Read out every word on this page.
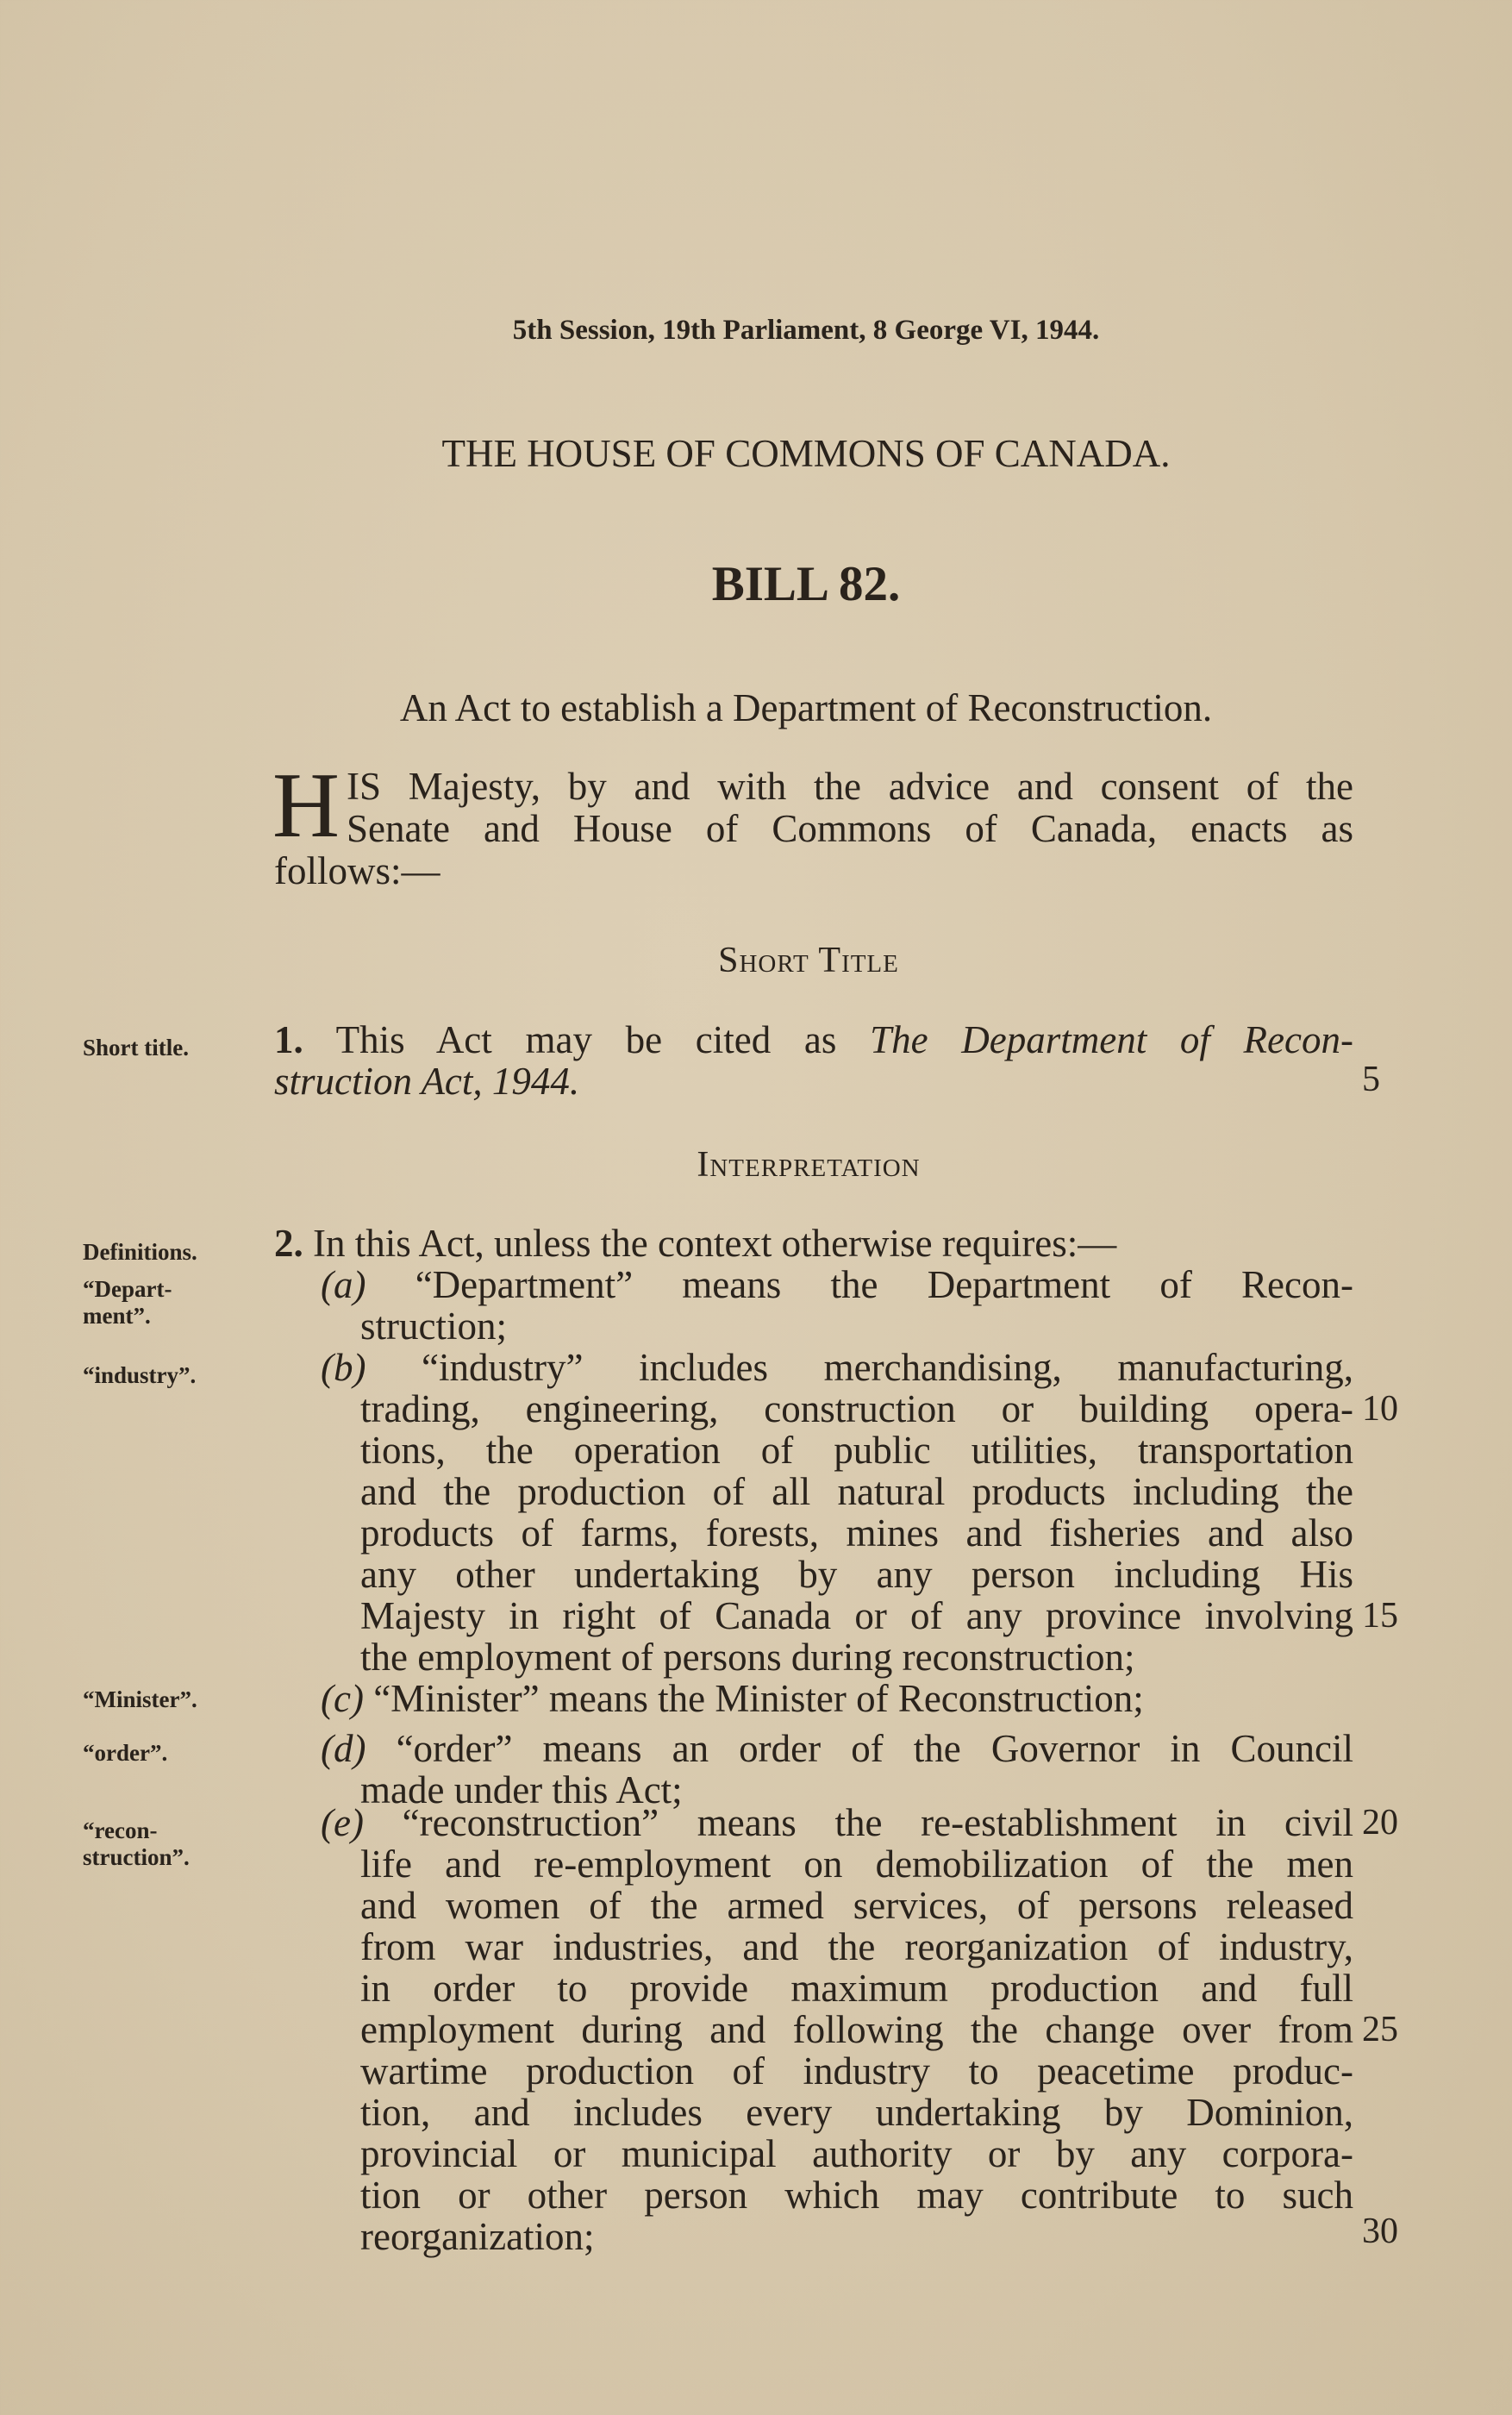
5th Session, 19th Parliament, 8 George VI, 1944.
THE HOUSE OF COMMONS OF CANADA.
BILL 82.
An Act to establish a Department of Reconstruction.
H IS Majesty, by and with the advice and consent of the
Senate and House of Commons of Canada, enacts as
follows:—
Short Title
Short title.	1. This Act may be cited as The Department of Recon-
struction Act, 1944.	5
Interpretation
Definitions.
“Depart-
ment”.
“industry”.
“Minister”.
“order”.
“recon-
struction”.
2. In this Act, unless the context otherwise requires:—
(a) “Department” means the Department of Recon-
struction;
(b) “industry” includes merchandising, manufacturing,
trading, engineering, construction or building opera-
tions, the operation of public utilities, transportation
and the production of all natural products including the
products of farms, forests, mines and fisheries and also
any other undertaking by any person including His
Majesty in right of Canada or of any province involving
the employment of persons during reconstruction;
10
15
(c) “Minister” means the Minister of Reconstruction;
(d) “order” means an order of the Governor in Council
made under this Act;
(e) “reconstruction” means the re-establishment in civil
life and re-employment on demobilization of the men
and women of the armed services, of persons released
from war industries, and the reorganization of industry,
in order to provide maximum production and full
employment during and following the change over from
wartime production of industry to peacetime produc-
tion, and includes every undertaking by Dominion,
provincial or municipal authority or by any corpora-
tion or other person which may contribute to such
reorganization;
20
25
30
